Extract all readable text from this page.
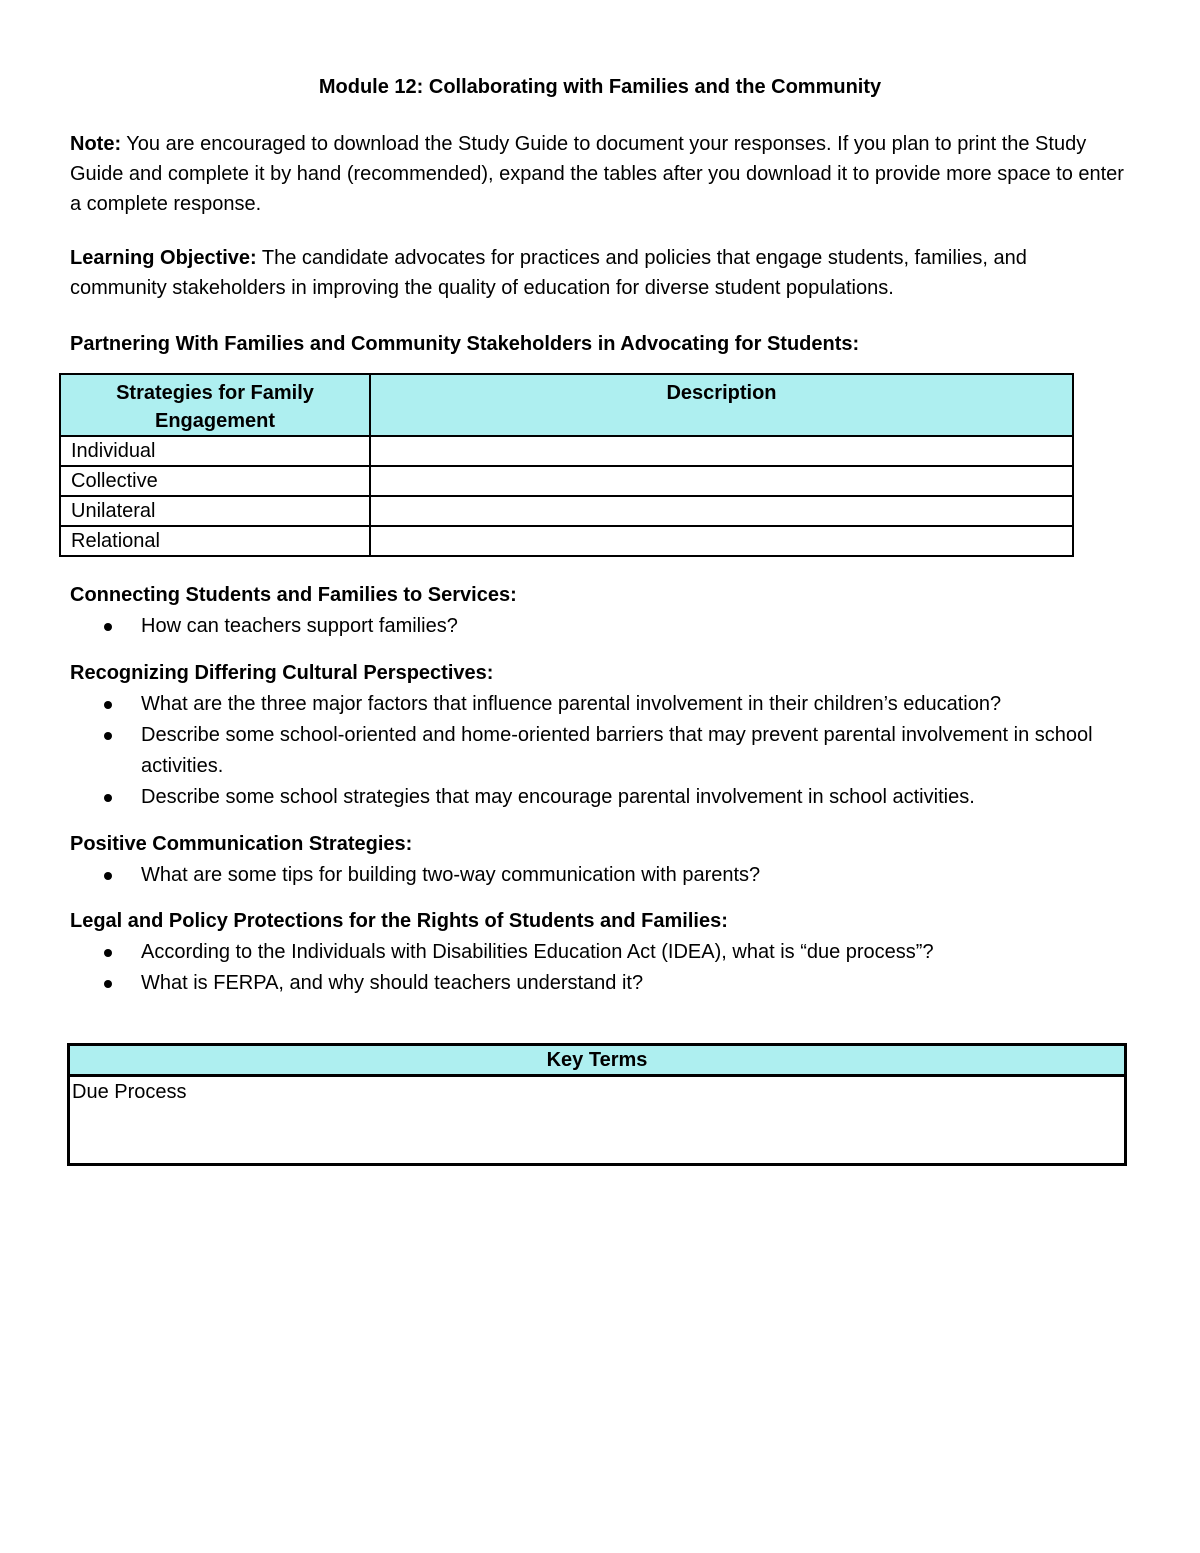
Module 12: Collaborating with Families and the Community
Note: You are encouraged to download the Study Guide to document your responses. If you plan to print the Study Guide and complete it by hand (recommended), expand the tables after you download it to provide more space to enter a complete response.
Learning Objective: The candidate advocates for practices and policies that engage students, families, and community stakeholders in improving the quality of education for diverse student populations.
Partnering With Families and Community Stakeholders in Advocating for Students:
Strategies for Family Engagement	Description
Individual	
Collective	
Unilateral	
Relational	
Connecting Students and Families to Services:
How can teachers support families?
Recognizing Differing Cultural Perspectives:
What are the three major factors that influence parental involvement in their children’s education?
Describe some school-oriented and home-oriented barriers that may prevent parental involvement in school activities.
Describe some school strategies that may encourage parental involvement in school activities.
Positive Communication Strategies:
What are some tips for building two-way communication with parents?
Legal and Policy Protections for the Rights of Students and Families:
According to the Individuals with Disabilities Education Act (IDEA), what is “due process”?
What is FERPA, and why should teachers understand it?
Key Terms
Due Process
